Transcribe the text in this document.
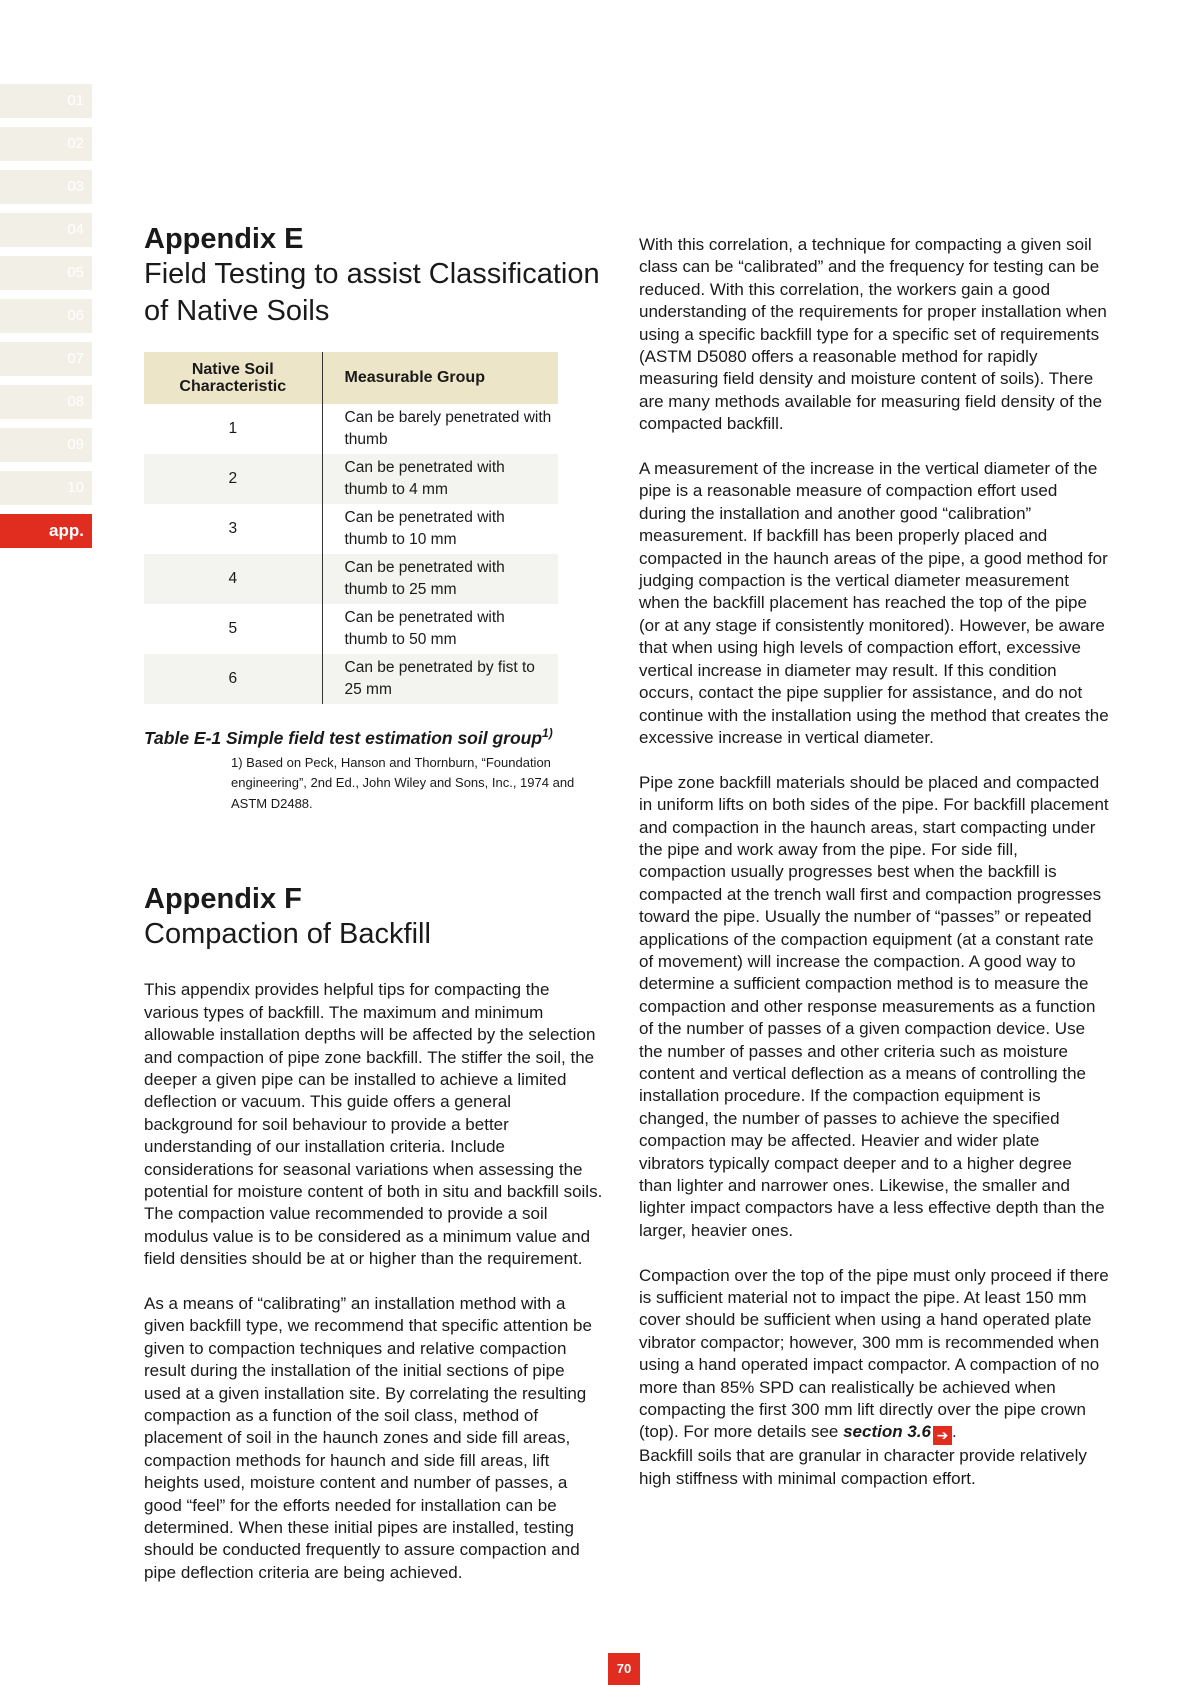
01
02
03
04
05
06
07
08
09
10
app.
Appendix E
Field Testing to assist Classification
of Native Soils
Native Soil Characteristic	Measurable Group
1	Can be barely penetrated with thumb
2	Can be penetrated with thumb to 4 mm
3	Can be penetrated with thumb to 10 mm
4	Can be penetrated with thumb to 25 mm
5	Can be penetrated with thumb to 50 mm
6	Can be penetrated by fist to 25 mm
Table E-1 Simple field test estimation soil group$^{1)}$
1) Based on Peck, Hanson and Thornburn, “Foundation engineering”, 2nd Ed., John Wiley and Sons, Inc., 1974 and ASTM D2488.
Appendix F
Compaction of Backfill

This appendix provides helpful tips for compacting the various types of backfill. The maximum and minimum allowable installation depths will be affected by the selection and compaction of pipe zone backfill. The stiffer the soil, the deeper a given pipe can be installed to achieve a limited deflection or vacuum. This guide offers a general background for soil behaviour to provide a better understanding of our installation criteria. Include considerations for seasonal variations when assessing the potential for moisture content of both in situ and backfill soils. The compaction value recommended to provide a soil modulus value is to be considered as a minimum value and field densities should be at or higher than the requirement.

As a means of “calibrating” an installation method with a given backfill type, we recommend that specific attention be given to compaction techniques and relative compaction result during the installation of the initial sections of pipe used at a given installation site. By correlating the resulting compaction as a function of the soil class, method of placement of soil in the haunch zones and side fill areas, compaction methods for haunch and side fill areas, lift heights used, moisture content and number of passes, a good “feel” for the efforts needed for installation can be determined. When these initial pipes are installed, testing should be conducted frequently to assure compaction and pipe deflection criteria are being achieved.

With this correlation, a technique for compacting a given soil class can be “calibrated” and the frequency for testing can be reduced. With this correlation, the workers gain a good understanding of the requirements for proper installation when using a specific backfill type for a specific set of requirements (ASTM D5080 offers a reasonable method for rapidly measuring field density and moisture content of soils). There are many methods available for measuring field density of the compacted backfill.

A measurement of the increase in the vertical diameter of the pipe is a reasonable measure of compaction effort used during the installation and another good “calibration” measurement. If backfill has been properly placed and compacted in the haunch areas of the pipe, a good method for judging compaction is the vertical diameter measurement when the backfill placement has reached the top of the pipe (or at any stage if consistently monitored). However, be aware that when using high levels of compaction effort, excessive vertical increase in diameter may result. If this condition occurs, contact the pipe supplier for assistance, and do not continue with the installation using the method that creates the excessive increase in vertical diameter.

Pipe zone backfill materials should be placed and compacted in uniform lifts on both sides of the pipe. For backfill placement and compaction in the haunch areas, start compacting under the pipe and work away from the pipe. For side fill, compaction usually progresses best when the backfill is compacted at the trench wall first and compaction progresses toward the pipe. Usually the number of “passes” or repeated applications of the compaction equipment (at a constant rate of movement) will increase the compaction. A good way to determine a sufficient compaction method is to measure the compaction and other response measurements as a function of the number of passes of a given compaction device. Use the number of passes and other criteria such as moisture content and vertical deflection as a means of controlling the installation procedure. If the compaction equipment is changed, the number of passes to achieve the specified compaction may be affected. Heavier and wider plate vibrators typically compact deeper and to a higher degree than lighter and narrower ones. Likewise, the smaller and lighter impact compactors have a less effective depth than the larger, heavier ones.

Compaction over the top of the pipe must only proceed if there is sufficient material not to impact the pipe. At least 150 mm cover should be sufficient when using a hand operated plate vibrator compactor; however, 300 mm is recommended when using a hand operated impact compactor. A compaction of no more than 85% SPD can realistically be achieved when compacting the first 300 mm lift directly over the pipe crown (top). For more details see section 3.6 ➔ .

Backfill soils that are granular in character provide relatively high stiffness with minimal compaction effort.

70
